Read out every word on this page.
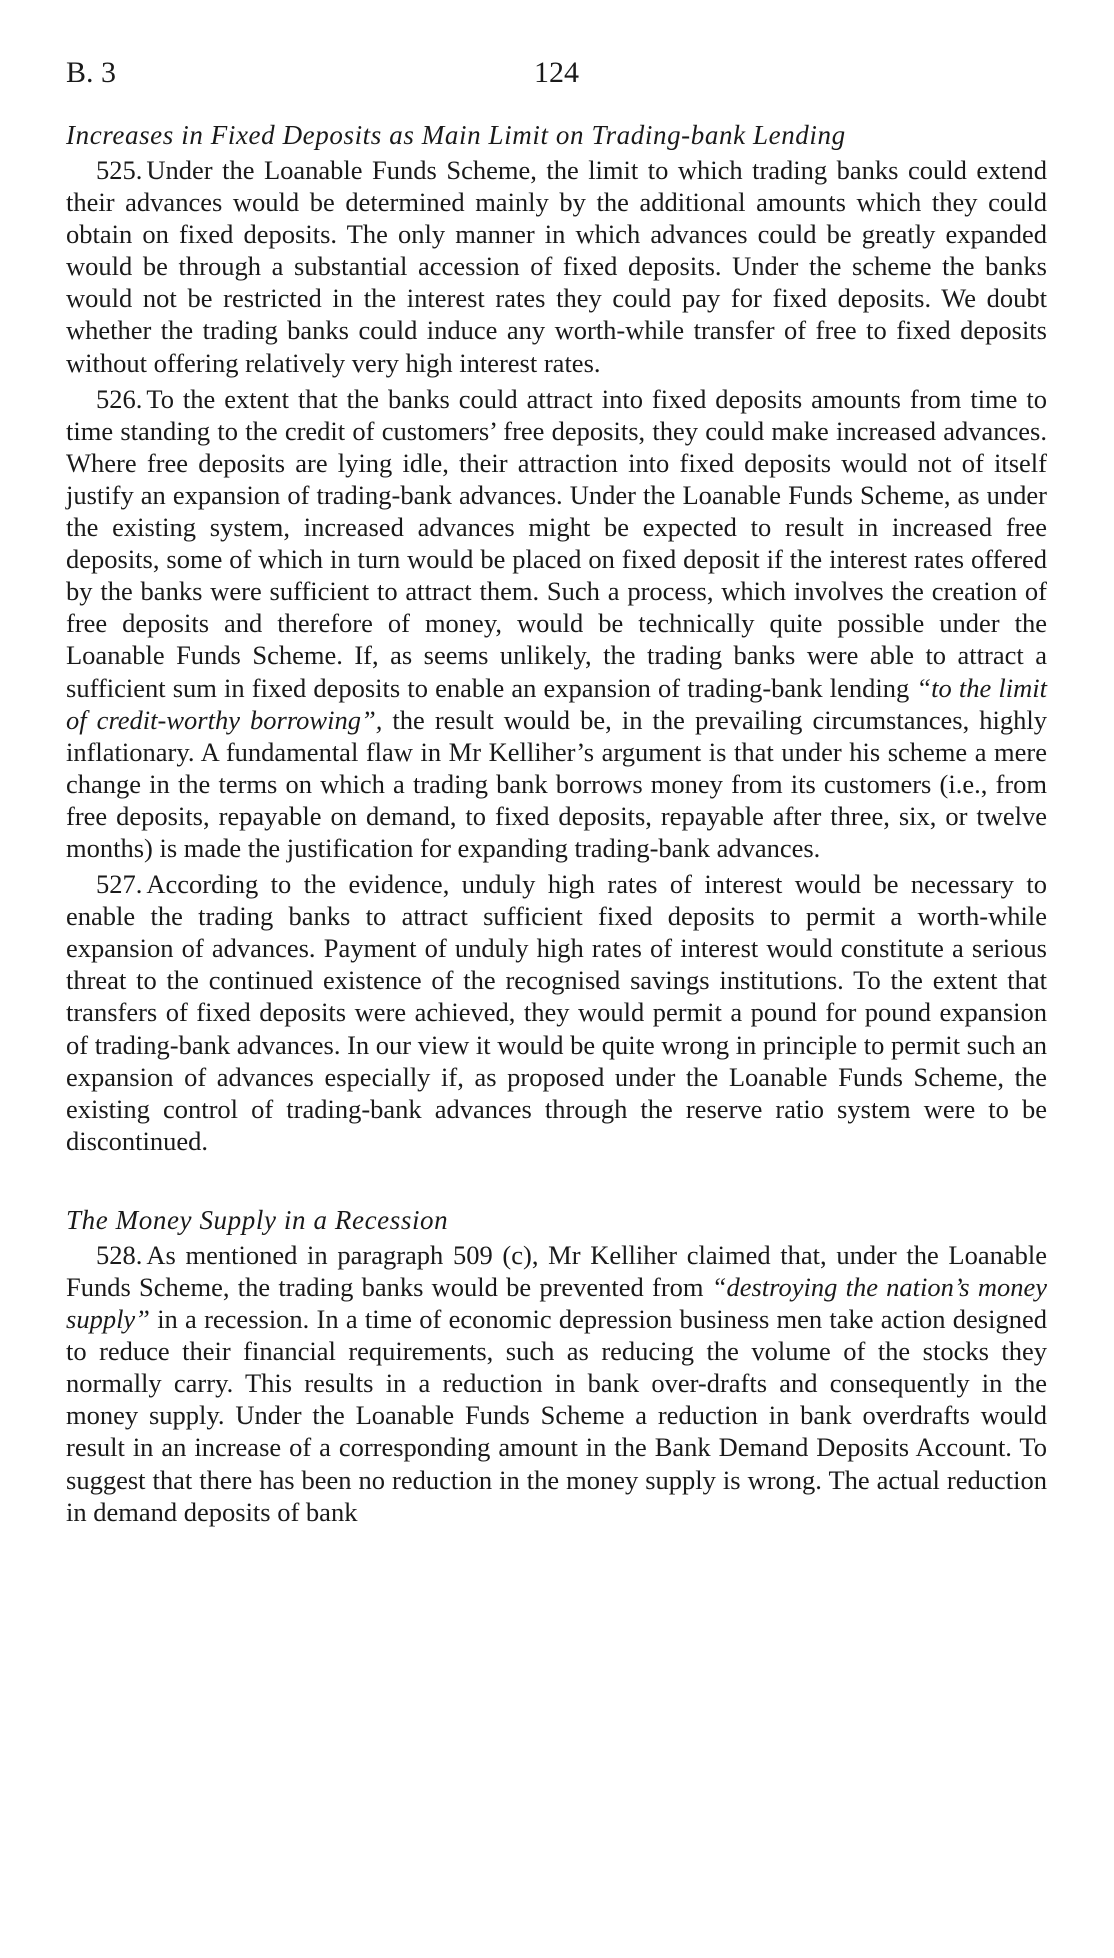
B. 3	124
Increases in Fixed Deposits as Main Limit on Trading-bank Lending

525. Under the Loanable Funds Scheme, the limit to which trading banks could extend their advances would be determined mainly by the additional amounts which they could obtain on fixed deposits. The only manner in which advances could be greatly expanded would be through a substantial accession of fixed deposits. Under the scheme the banks would not be restricted in the interest rates they could pay for fixed deposits. We doubt whether the trading banks could induce any worth-while transfer of free to fixed deposits without offering relatively very high interest rates.

526. To the extent that the banks could attract into fixed deposits amounts from time to time standing to the credit of customers’ free deposits, they could make increased advances. Where free deposits are lying idle, their attraction into fixed deposits would not of itself justify an expansion of trading-bank advances. Under the Loanable Funds Scheme, as under the existing system, increased advances might be expected to result in increased free deposits, some of which in turn would be placed on fixed deposit if the interest rates offered by the banks were sufficient to attract them. Such a process, which involves the creation of free deposits and therefore of money, would be technically quite possible under the Loanable Funds Scheme. If, as seems unlikely, the trading banks were able to attract a sufficient sum in fixed deposits to enable an expansion of trading-bank lending “to the limit of credit-worthy borrowing”, the result would be, in the prevailing circumstances, highly inflationary. A fundamental flaw in Mr Kelliher’s argument is that under his scheme a mere change in the terms on which a trading bank borrows money from its customers (i.e., from free deposits, repayable on demand, to fixed deposits, repayable after three, six, or twelve months) is made the justification for expanding trading-bank advances.

527. According to the evidence, unduly high rates of interest would be necessary to enable the trading banks to attract sufficient fixed deposits to permit a worth-while expansion of advances. Payment of unduly high rates of interest would constitute a serious threat to the continued existence of the recognised savings institutions. To the extent that transfers of fixed deposits were achieved, they would permit a pound for pound expansion of trading-bank advances. In our view it would be quite wrong in principle to permit such an expansion of advances especially if, as proposed under the Loanable Funds Scheme, the existing control of trading-bank advances through the reserve ratio system were to be discontinued.

The Money Supply in a Recession

528. As mentioned in paragraph 509 (c), Mr Kelliher claimed that, under the Loanable Funds Scheme, the trading banks would be prevented from “destroying the nation’s money supply” in a recession. In a time of economic depression business men take action designed to reduce their financial requirements, such as reducing the volume of the stocks they normally carry. This results in a reduction in bank over-drafts and consequently in the money supply. Under the Loanable Funds Scheme a reduction in bank overdrafts would result in an increase of a corresponding amount in the Bank Demand Deposits Account. To suggest that there has been no reduction in the money supply is wrong. The actual reduction in demand deposits of bank
